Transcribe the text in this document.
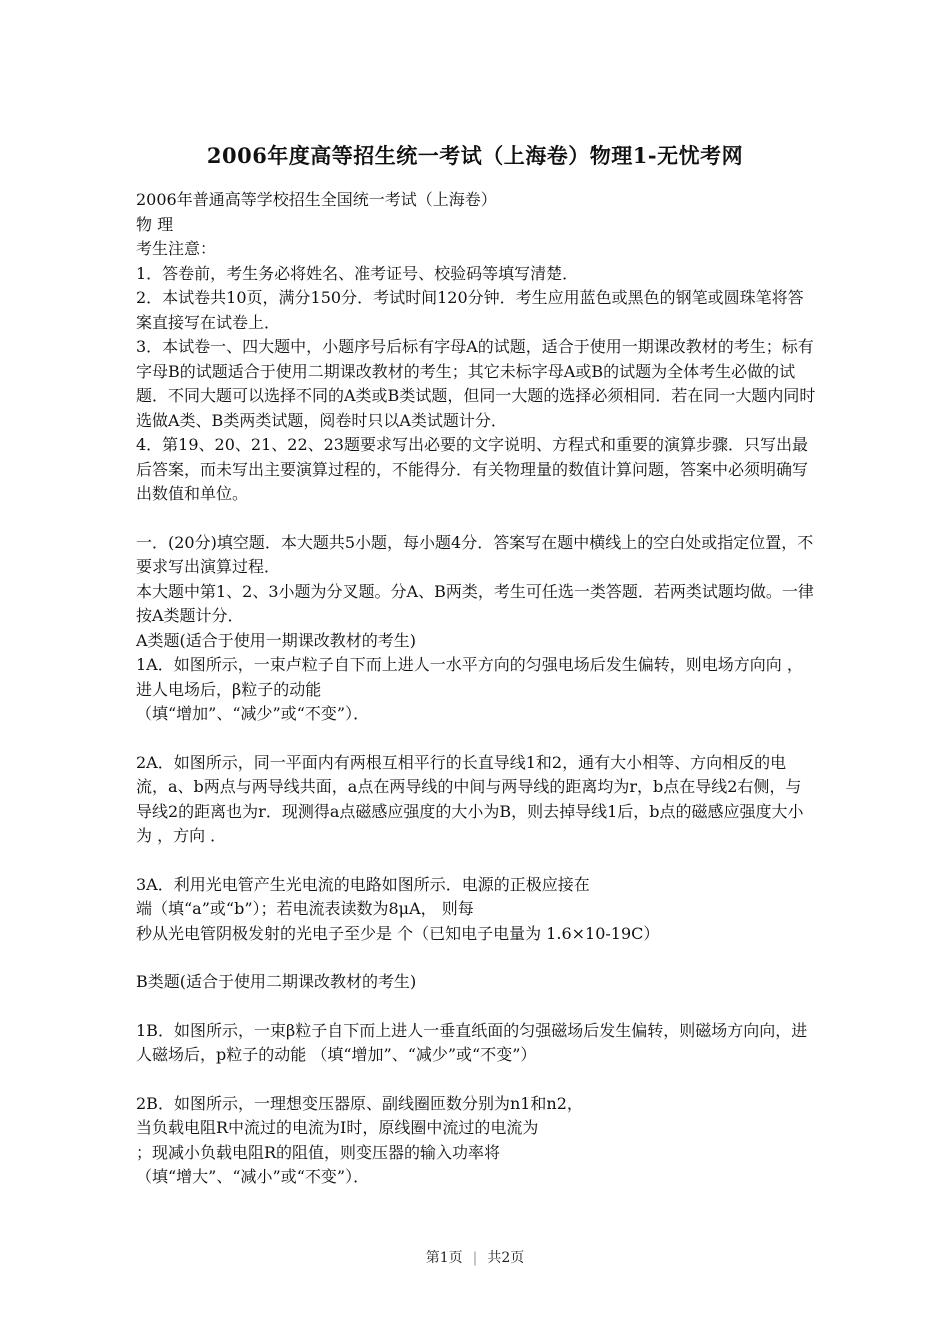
2006年度高等招生统一考试（上海卷）物理1-无忧考网

2006年普通高等学校招生全国统一考试（上海卷）

物 理

考生注意：

1．答卷前，考生务必将姓名、准考证号、校验码等填写清楚．

2．本试卷共10页，满分150分．考试时间120分钟．考生应用蓝色或黑色的钢笔或圆珠笔将答案直接写在试卷上．

3．本试卷一、四大题中，小题序号后标有字母A的试题，适合于使用一期课改教材的考生；标有字母B的试题适合于使用二期课改教材的考生；其它未标字母A或B的试题为全体考生必做的试题．不同大题可以选择不同的A类或B类试题，但同一大题的选择必须相同．若在同一大题内同时选做A类、B类两类试题，阅卷时只以A类试题计分．

4．第19、20、21、22、23题要求写出必要的文字说明、方程式和重要的演算步骤．只写出最后答案，而未写出主要演算过程的，不能得分．有关物理量的数值计算问题，答案中必须明确写出数值和单位。

一．(20分)填空题．本大题共5小题，每小题4分．答案写在题中横线上的空白处或指定位置，不要求写出演算过程．

本大题中第1、2、3小题为分叉题。分A、B两类，考生可任选一类答题．若两类试题均做。一律按A类题计分．

A类题(适合于使用一期课改教材的考生)

1A．如图所示，一束卢粒子自下而上进人一水平方向的匀强电场后发生偏转，则电场方向向 ，进人电场后，β粒子的动能

（填“增加”、“减少”或“不变”）．

2A．如图所示，同一平面内有两根互相平行的长直导线1和2，通有大小相等、方向相反的电流，a、b两点与两导线共面，a点在两导线的中间与两导线的距离均为r，b点在导线2右侧，与导线2的距离也为r．现测得a点磁感应强度的大小为B，则去掉导线1后，b点的磁感应强度大小为 ，方向 ．

3A．利用光电管产生光电流的电路如图所示．电源的正极应接在

端（填“a”或“b”）；若电流表读数为8μA， 则每

秒从光电管阴极发射的光电子至少是 个（已知电子电量为 1.6×10-19C）

B类题(适合于使用二期课改教材的考生)

1B．如图所示，一束β粒子自下而上进人一垂直纸面的匀强磁场后发生偏转，则磁场方向向，进人磁场后，p粒子的动能 （填“增加”、“减少”或“不变”）

2B．如图所示，一理想变压器原、副线圈匝数分别为n1和n2，

当负载电阻R中流过的电流为I时，原线圈中流过的电流为

；现减小负载电阻R的阻值，则变压器的输入功率将

（填“增大”、“减小”或“不变”）．

第1页 | 共2页
